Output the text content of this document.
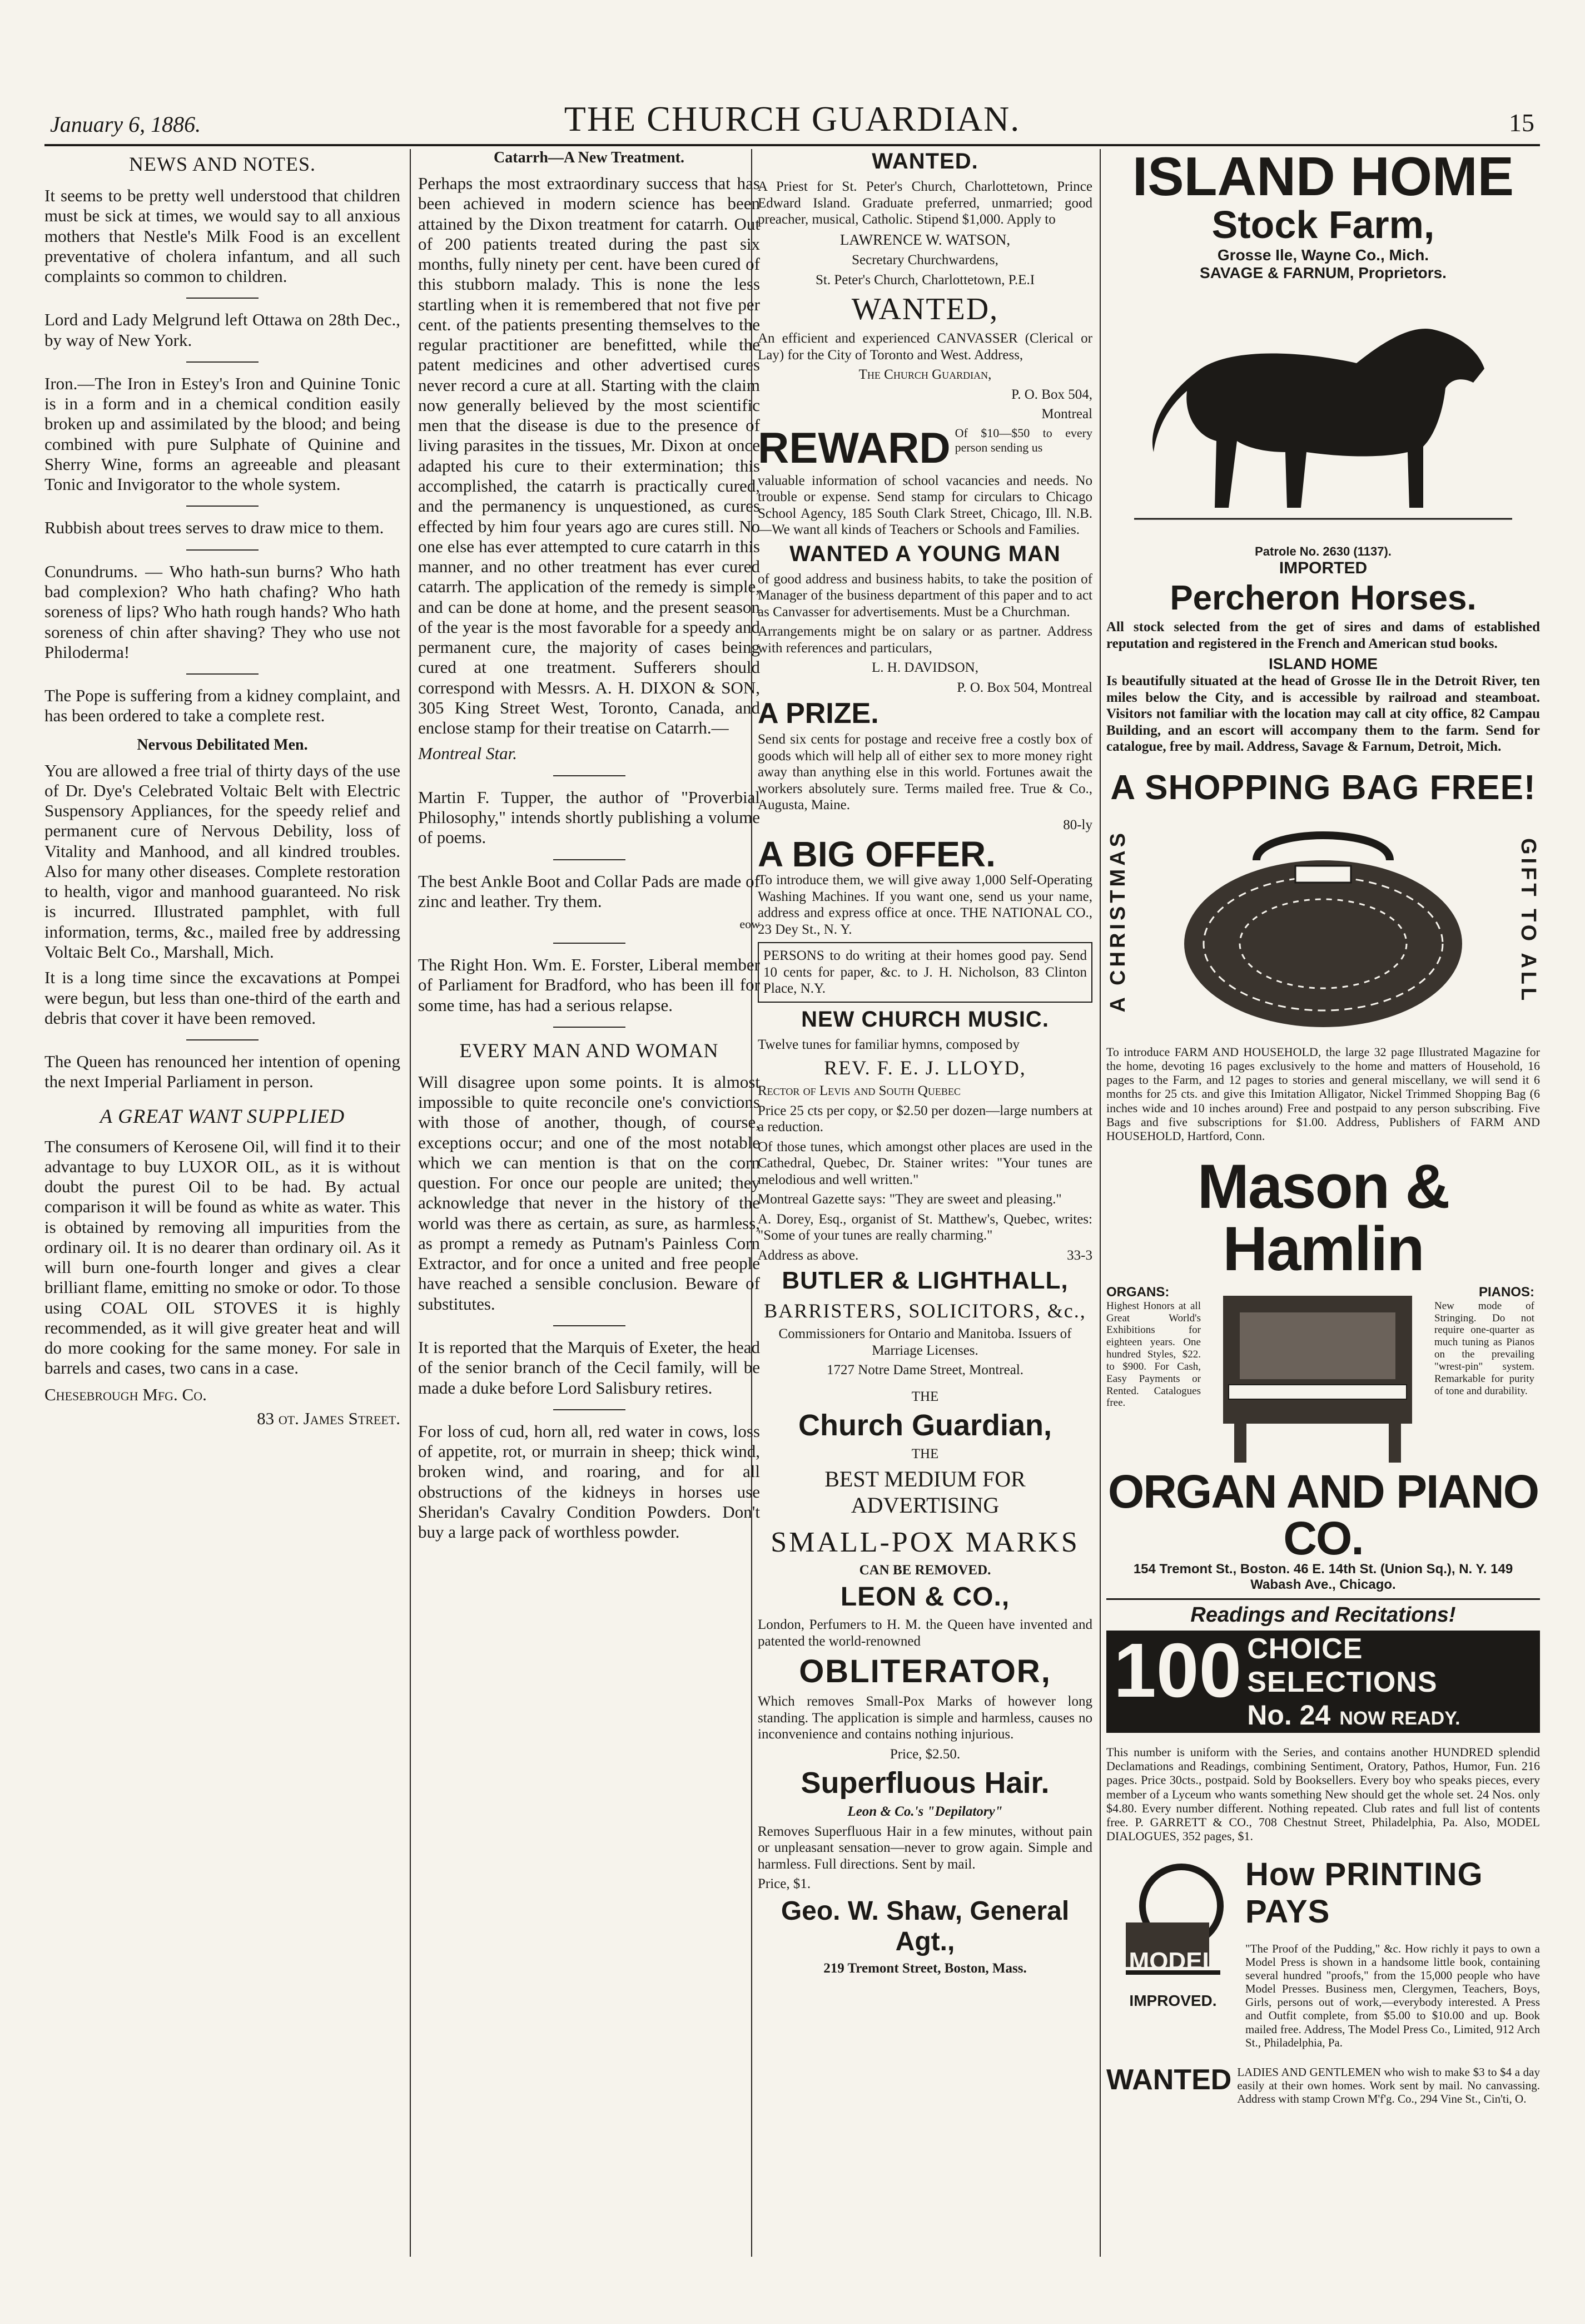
January 6, 1886.	THE CHURCH GUARDIAN.	15
NEWS AND NOTES.

It seems to be pretty well understood that children must be sick at times, we would say to all anxious mothers that Nestle's Milk Food is an excellent preventative of cholera infantum, and all such complaints so common to children.

Lord and Lady Melgrund left Ottawa on 28th Dec., by way of New York.

Iron.—The Iron in Estey's Iron and Quinine Tonic is in a form and in a chemical condition easily broken up and assimilated by the blood; and being combined with pure Sulphate of Quinine and Sherry Wine, forms an agreeable and pleasant Tonic and Invigorator to the whole system.

Rubbish about trees serves to draw mice to them.

Conundrums. — Who hath-sun burns? Who hath bad complexion? Who hath chafing? Who hath soreness of lips? Who hath rough hands? Who hath soreness of chin after shaving? They who use not Philoderma!

The Pope is suffering from a kidney complaint, and has been ordered to take a complete rest.

Nervous Debilitated Men.

You are allowed a free trial of thirty days of the use of Dr. Dye's Celebrated Voltaic Belt with Electric Suspensory Appliances, for the speedy relief and permanent cure of Nervous Debility, loss of Vitality and Manhood, and all kindred troubles. Also for many other diseases. Complete restoration to health, vigor and manhood guaranteed. No risk is incurred. Illustrated pamphlet, with full information, terms, &c., mailed free by addressing Voltaic Belt Co., Marshall, Mich.

It is a long time since the excavations at Pompei were begun, but less than one-third of the earth and debris that cover it have been removed.

The Queen has renounced her intention of opening the next Imperial Parliament in person.

A GREAT WANT SUPPLIED

The consumers of Kerosene Oil, will find it to their advantage to buy LUXOR OIL, as it is without doubt the purest Oil to be had. By actual comparison it will be found as white as water. This is obtained by removing all impurities from the ordinary oil. It is no dearer than ordinary oil. As it will burn one-fourth longer and gives a clear brilliant flame, emitting no smoke or odor. To those using COAL OIL STOVES it is highly recommended, as it will give greater heat and will do more cooking for the same money. For sale in barrels and cases, two cans in a case.

Chesebrough Mfg. Co.
83 ot. James Street.
Catarrh—A New Treatment.

Perhaps the most extraordinary success that has been achieved in modern science has been attained by the Dixon treatment for catarrh. Out of 200 patients treated during the past six months, fully ninety per cent. have been cured of this stubborn malady. This is none the less startling when it is remembered that not five per cent. of the patients presenting themselves to the regular practitioner are benefitted, while the patent medicines and other advertised cures never record a cure at all. Starting with the claim now generally believed by the most scientific men that the disease is due to the presence of living parasites in the tissues, Mr. Dixon at once adapted his cure to their extermination; this accomplished, the catarrh is practically cured, and the permanency is unquestioned, as cures effected by him four years ago are cures still. No one else has ever attempted to cure catarrh in this manner, and no other treatment has ever cured catarrh. The application of the remedy is simple, and can be done at home, and the present season of the year is the most favorable for a speedy and permanent cure, the majority of cases being cured at one treatment. Sufferers should correspond with Messrs. A. H. DIXON & SON, 305 King Street West, Toronto, Canada, and enclose stamp for their treatise on Catarrh.—

Montreal Star.

Martin F. Tupper, the author of "Proverbial Philosophy," intends shortly publishing a volume of poems.

The best Ankle Boot and Collar Pads are made of zinc and leather. Try them.

eow

The Right Hon. Wm. E. Forster, Liberal member of Parliament for Bradford, who has been ill for some time, has had a serious relapse.

EVERY MAN AND WOMAN

Will disagree upon some points. It is almost impossible to quite reconcile one's convictions with those of another, though, of course, exceptions occur; and one of the most notable which we can mention is that on the corn question. For once our people are united; they acknowledge that never in the history of the world was there as certain, as sure, as harmless, as prompt a remedy as Putnam's Painless Corn Extractor, and for once a united and free people have reached a sensible conclusion. Beware of substitutes.

It is reported that the Marquis of Exeter, the head of the senior branch of the Cecil family, will be made a duke before Lord Salisbury retires.

For loss of cud, horn all, red water in cows, loss of appetite, rot, or murrain in sheep; thick wind, broken wind, and roaring, and for all obstructions of the kidneys in horses use Sheridan's Cavalry Condition Powders. Don't buy a large pack of worthless powder.

WANTED.

A Priest for St. Peter's Church, Charlottetown, Prince Edward Island. Graduate preferred, unmarried; good preacher, musical, Catholic. Stipend $1,000. Apply to

LAWRENCE W. WATSON,
Secretary Churchwardens,
St. Peter's Church, Charlottetown, P.E.I
WANTED,

An efficient and experienced CANVASSER (Clerical or Lay) for the City of Toronto and West. Address,

The Church Guardian,
P. O. Box 504,
Montreal
REWARD Of $10—$50 to every person sending us

valuable information of school vacancies and needs. No trouble or expense. Send stamp for circulars to Chicago School Agency, 185 South Clark Street, Chicago, Ill. N.B.—We want all kinds of Teachers or Schools and Families.

WANTED A YOUNG MAN

of good address and business habits, to take the position of Manager of the business department of this paper and to act as Canvasser for advertisements. Must be a Churchman.

Arrangements might be on salary or as partner. Address with references and particulars,

L. H. DAVIDSON,
P. O. Box 504, Montreal
A PRIZE.

Send six cents for postage and receive free a costly box of goods which will help all of either sex to more money right away than anything else in this world. Fortunes await the workers absolutely sure. Terms mailed free. True & Co., Augusta, Maine.

80-ly
A BIG OFFER.

To introduce them, we will give away 1,000 Self-Operating Washing Machines. If you want one, send us your name, address and express office at once. THE NATIONAL CO., 23 Dey St., N. Y.

PERSONS to do writing at their homes good pay. Send 10 cents for paper, &c. to J. H. Nicholson, 83 Clinton Place, N.Y.
NEW CHURCH MUSIC.

Twelve tunes for familiar hymns, composed by

REV. F. E. J. LLOYD,
Rector of Levis and South Quebec

Price 25 cts per copy, or $2.50 per dozen—large numbers at a reduction.

Of those tunes, which amongst other places are used in the Cathedral, Quebec, Dr. Stainer writes: "Your tunes are melodious and well written."

Montreal Gazette says: "They are sweet and pleasing."

A. Dorey, Esq., organist of St. Matthew's, Quebec, writes: "Some of your tunes are really charming."

Address as above.	33-3
BUTLER & LIGHTHALL,
BARRISTERS, SOLICITORS, &c.,

Commissioners for Ontario and Manitoba. Issuers of Marriage Licenses.

1727 Notre Dame Street, Montreal.
THE
Church Guardian,
THE
BEST MEDIUM FOR ADVERTISING
SMALL-POX MARKS
CAN BE REMOVED.
LEON & CO.,

London, Perfumers to H. M. the Queen have invented and patented the world-renowned

OBLITERATOR,

Which removes Small-Pox Marks of however long standing. The application is simple and harmless, causes no inconvenience and contains nothing injurious.

Price, $2.50.
Superfluous Hair.
Leon & Co.'s "Depilatory"

Removes Superfluous Hair in a few minutes, without pain or unpleasant sensation—never to grow again. Simple and harmless. Full directions. Sent by mail.

Price, $1.
Geo. W. Shaw, General Agt.,
219 Tremont Street, Boston, Mass.
ISLAND HOME
Stock Farm,
Grosse Ile, Wayne Co., Mich.
SAVAGE & FARNUM, Proprietors.
Patrole No. 2630 (1137).
IMPORTED
Percheron Horses.

All stock selected from the get of sires and dams of established reputation and registered in the French and American stud books.

ISLAND HOME

Is beautifully situated at the head of Grosse Ile in the Detroit River, ten miles below the City, and is accessible by railroad and steamboat. Visitors not familiar with the location may call at city office, 82 Campau Building, and an escort will accompany them to the farm. Send for catalogue, free by mail. Address, Savage & Farnum, Detroit, Mich.

A SHOPPING BAG FREE!
A CHRISTMAS	GIFT TO ALL

To introduce FARM AND HOUSEHOLD, the large 32 page Illustrated Magazine for the home, devoting 16 pages exclusively to the home and matters of Household, 16 pages to the Farm, and 12 pages to stories and general miscellany, we will send it 6 months for 25 cts. and give this Imitation Alligator, Nickel Trimmed Shopping Bag (6 inches wide and 10 inches around) Free and postpaid to any person subscribing. Five Bags and five subscriptions for $1.00. Address, Publishers of FARM AND HOUSEHOLD, Hartford, Conn.

Mason & Hamlin
ORGANS:
Highest Honors at all Great World's Exhibitions for eighteen years. One hundred Styles, $22. to $900. For Cash, Easy Payments or Rented. Catalogues free.
PIANOS:
New mode of Stringing. Do not require one-quarter as much tuning as Pianos on the prevailing "wrest-pin" system. Remarkable for purity of tone and durability.
ORGAN AND PIANO CO.
154 Tremont St., Boston. 46 E. 14th St. (Union Sq.), N. Y. 149 Wabash Ave., Chicago.
Readings and Recitations!
100 CHOICE SELECTIONS
No. 24 NOW READY.

This number is uniform with the Series, and contains another HUNDRED splendid Declamations and Readings, combining Sentiment, Oratory, Pathos, Humor, Fun. 216 pages. Price 30cts., postpaid. Sold by Booksellers. Every boy who speaks pieces, every member of a Lyceum who wants something New should get the whole set. 24 Nos. only $4.80. Every number different. Nothing repeated. Club rates and full list of contents free. P. GARRETT & CO., 708 Chestnut Street, Philadelphia, Pa. Also, MODEL DIALOGUES, 352 pages, $1.

MODEL
IMPROVED.
How PRINTING PAYS

"The Proof of the Pudding," &c. How richly it pays to own a Model Press is shown in a handsome little book, containing several hundred "proofs," from the 15,000 people who have Model Presses. Business men, Clergymen, Teachers, Boys, Girls, persons out of work,—everybody interested. A Press and Outfit complete, from $5.00 to $10.00 and up. Book mailed free. Address, The Model Press Co., Limited, 912 Arch St., Philadelphia, Pa.

WANTED LADIES AND GENTLEMEN who wish to make $3 to $4 a day easily at their own homes. Work sent by mail. No canvassing. Address with stamp Crown M'f'g. Co., 294 Vine St., Cin'ti, O.
